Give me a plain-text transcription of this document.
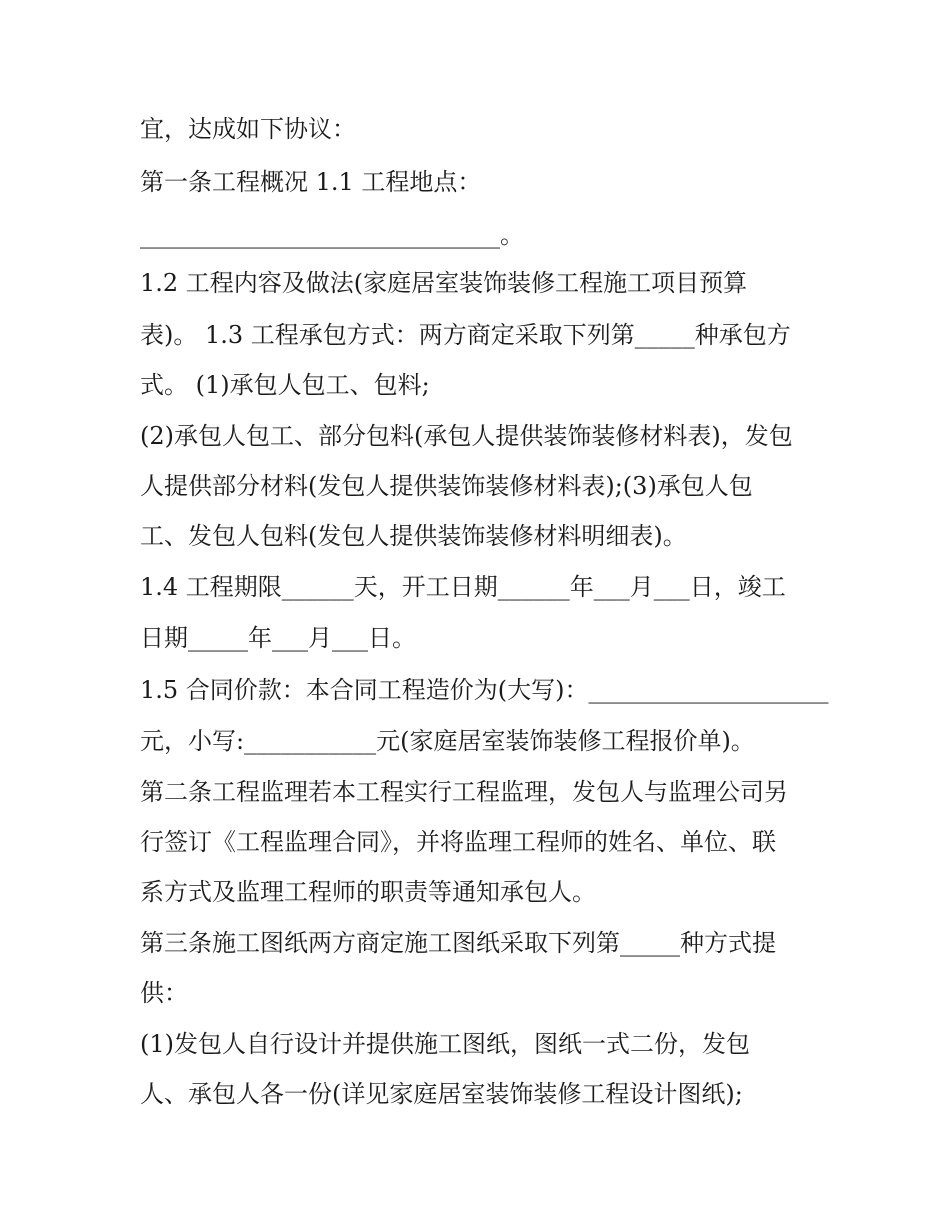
宜，达成如下协议：
第一条工程概况 1.1 工程地点：
______________________________。
1.2 工程内容及做法(家庭居室装饰装修工程施工项目预算
表)。 1.3 工程承包方式：两方商定采取下列第_____种承包方
式。 (1)承包人包工、包料;
(2)承包人包工、部分包料(承包人提供装饰装修材料表)，发包
人提供部分材料(发包人提供装饰装修材料表);(3)承包人包
工、发包人包料(发包人提供装饰装修材料明细表)。
1.4 工程期限______天，开工日期______年___月___日，竣工
日期_____年___月___日。
1.5 合同价款：本合同工程造价为(大写)：____________________
元，小写:___________元(家庭居室装饰装修工程报价单)。
第二条工程监理若本工程实行工程监理，发包人与监理公司另
行签订《工程监理合同》，并将监理工程师的姓名、单位、联
系方式及监理工程师的职责等通知承包人。
第三条施工图纸两方商定施工图纸采取下列第_____种方式提
供：
(1)发包人自行设计并提供施工图纸，图纸一式二份，发包
人、承包人各一份(详见家庭居室装饰装修工程设计图纸);
